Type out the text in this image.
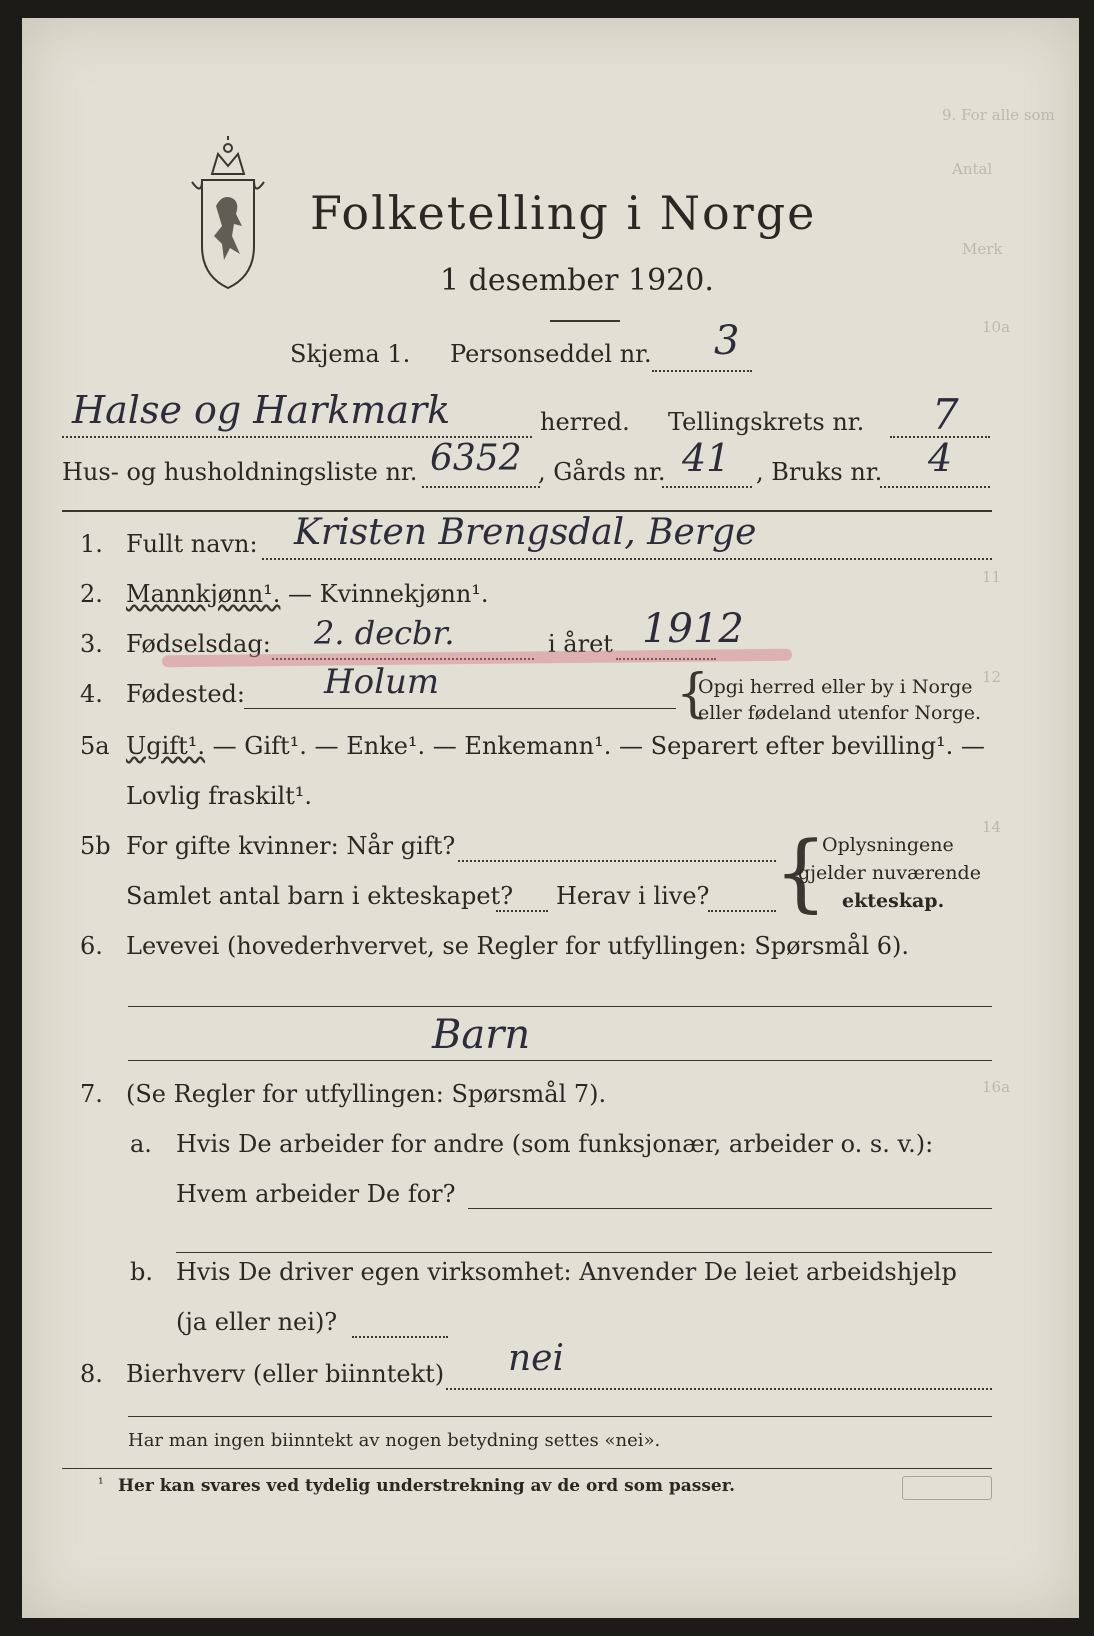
9. For alle som
Antal
Merk
10a
11
12
14
16a
Folketelling i Norge
1 desember 1920.
Skjema 1. Personseddel nr. 3
Halse og Harkmark	herred. Tellingskrets nr. 7
Hus- og husholdningsliste nr. 6352 , Gårds nr. 41 , Bruks nr. 4
1. Fullt navn: Kristen Brengsdal, Berge
2. Mannkjønn¹. — Kvinnekjønn¹.
3. Fødselsdag: 2. decbr.	i året 1912
4. Fødested: Holum	{
Opgi herred eller by i Norge
eller fødeland utenfor Norge.
5a Ugift¹. — Gift¹. — Enke¹. — Enkemann¹. — Separert efter bevilling¹. —
Lovlig fraskilt¹.
5b For gifte kvinner: Når gift?
Samlet antal barn i ekteskapet? Herav i live? {
Oplysningene
gjelder nuværende
ekteskap.
6. Levevei (hovederhvervet, se Regler for utfyllingen: Spørsmål 6).
Barn
7. (Se Regler for utfyllingen: Spørsmål 7).
a. Hvis De arbeider for andre (som funksjonær, arbeider o. s. v.):
Hvem arbeider De for?
b. Hvis De driver egen virksomhet: Anvender De leiet arbeidshjelp
(ja eller nei)?
8. Bierhverv (eller biinntekt) nei
Har man ingen biinntekt av nogen betydning settes «nei».
¹ Her kan svares ved tydelig understrekning av de ord som passer.
